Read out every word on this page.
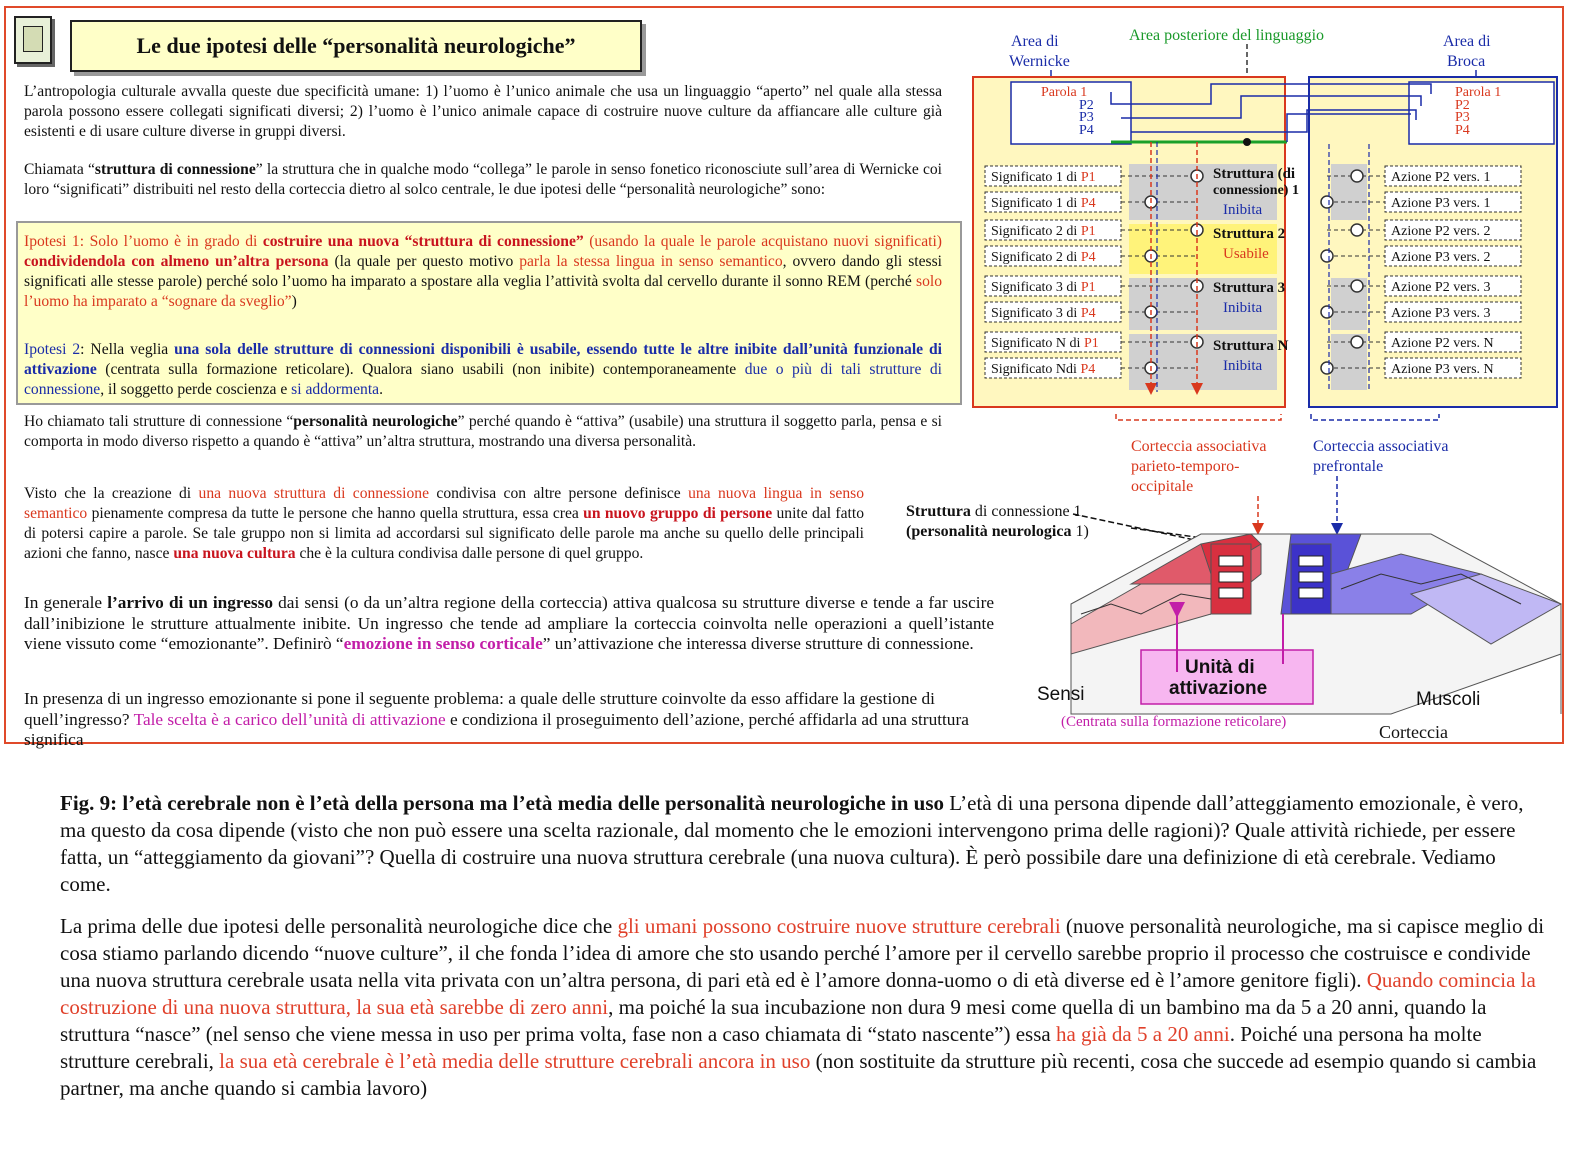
Le due ipotesi delle “personalità neurologiche”
L’antropologia culturale avvalla queste due specificità umane: 1) l’uomo è l’unico animale che usa un linguaggio “aperto” nel quale alla stessa parola possono essere collegati significati diversi; 2) l’uomo è l’unico animale capace di costruire nuove culture da affiancare alle culture già esistenti e di usare culture diverse in gruppi diversi.
Chiamata “struttura di connessione” la struttura che in qualche modo “collega” le parole in senso fonetico riconosciute sull’area di Wernicke coi loro “significati” distribuiti nel resto della corteccia dietro al solco centrale, le due ipotesi delle “personalità neurologiche” sono:
Ipotesi 1: Solo l’uomo è in grado di costruire una nuova “struttura di connessione” (usando la quale le parole acquistano nuovi significati) condividendola con almeno un’altra persona (la quale per questo motivo parla la stessa lingua in senso semantico, ovvero dando gli stessi significati alle stesse parole) perché solo l’uomo ha imparato a spostare alla veglia l’attività svolta dal cervello durante il sonno REM (perché solo l’uomo ha imparato a “sognare da sveglio”)
Ipotesi 2: Nella veglia una sola delle strutture di connessioni disponibili è usabile, essendo tutte le altre inibite dall’unità funzionale di attivazione (centrata sulla formazione reticolare). Qualora siano usabili (non inibite) contemporaneamente due o più di tali strutture di connessione, il soggetto perde coscienza e si addormenta.
Ho chiamato tali strutture di connessione “personalità neurologiche” perché quando è “attiva” (usabile) una struttura il soggetto parla, pensa e si comporta in modo diverso rispetto a quando è “attiva” un’altra struttura, mostrando una diversa personalità.
Visto che la creazione di una nuova struttura di connessione condivisa con altre persone definisce una nuova lingua in senso semantico pienamente compresa da tutte le persone che hanno quella struttura, essa crea un nuovo gruppo di persone unite dal fatto di potersi capire a parole. Se tale gruppo non si limita ad accordarsi sul significato delle parole ma anche su quello delle principali azioni che fanno, nasce una nuova cultura che è la cultura condivisa dalle persone di quel gruppo.
In generale l’arrivo di un ingresso dai sensi (o da un’altra regione della corteccia) attiva qualcosa su strutture diverse e tende a far uscire dall’inibizione le strutture attualmente inibite. Un ingresso che tende ad ampliare la corteccia coinvolta nelle operazioni a quell’istante viene vissuto come “emozionante”. Definirò “emozione in senso corticale” un’attivazione che interessa diverse strutture di connessione.
In presenza di un ingresso emozionante si pone il seguente problema: a quale delle strutture coinvolte da esso affidare la gestione di quell’ingresso? Tale scelta è a carico dell’unità di attivazione e condiziona il proseguimento dell’azione, perché affidarla ad una struttura significa
Area di
Wernicke
Area posteriore del linguaggio	Area di
Broca
Parola 1
P2
P3
P4
Parola 1
P2
P3
P4
Significato 1 di P1
Significato 1 di P4
Significato 2 di P1
Significato 2 di P4
Significato 3 di P1
Significato 3 di P4
Significato N di P1
Significato Ndi P4
Azione P2 vers. 1
Azione P3 vers. 1
Azione P2 vers. 2
Azione P3 vers. 2
Azione P2 vers. 3
Azione P3 vers. 3
Azione P2 vers. N
Azione P3 vers. N
Struttura (di
connessione) 1
Inibita
Struttura 2
Usabile
Struttura 3
Inibita
Struttura N
Inibita
Corteccia associativa
parieto-temporo-
occipitale
Corteccia associativa
prefrontale
Struttura di connessione 1
(personalità neurologica 1)
Unità di
attivazione
Sensi	Muscoli
(Centrata sulla formazione reticolare)	Corteccia
Fig. 9: l’età cerebrale non è l’età della persona ma l’età media delle personalità neurologiche in uso L’età di una persona dipende dall’atteggiamento emozionale, è vero, ma questo da cosa dipende (visto che non può essere una scelta razionale, dal momento che le emozioni intervengono prima delle ragioni)? Quale attività richiede, per essere fatta, un “atteggiamento da giovani”? Quella di costruire una nuova struttura cerebrale (una nuova cultura). È però possibile dare una definizione di età cerebrale. Vediamo come.
La prima delle due ipotesi delle personalità neurologiche dice che gli umani possono costruire nuove strutture cerebrali (nuove personalità neurologiche, ma si capisce meglio di cosa stiamo parlando dicendo “nuove culture”, il che fonda l’idea di amore che sto usando perché l’amore per il cervello sarebbe proprio il processo che costruisce e condivide una nuova struttura cerebrale usata nella vita privata con un’altra persona, di pari età ed è l’amore donna-uomo o di età diverse ed è l’amore genitore figli). Quando comincia la costruzione di una nuova struttura, la sua età sarebbe di zero anni, ma poiché la sua incubazione non dura 9 mesi come quella di un bambino ma da 5 a 20 anni, quando la struttura “nasce” (nel senso che viene messa in uso per prima volta, fase non a caso chiamata di “stato nascente”) essa ha già da 5 a 20 anni. Poiché una persona ha molte strutture cerebrali, la sua età cerebrale è l’età media delle strutture cerebrali ancora in uso (non sostituite da strutture più recenti, cosa che succede ad esempio quando si cambia partner, ma anche quando si cambia lavoro)
